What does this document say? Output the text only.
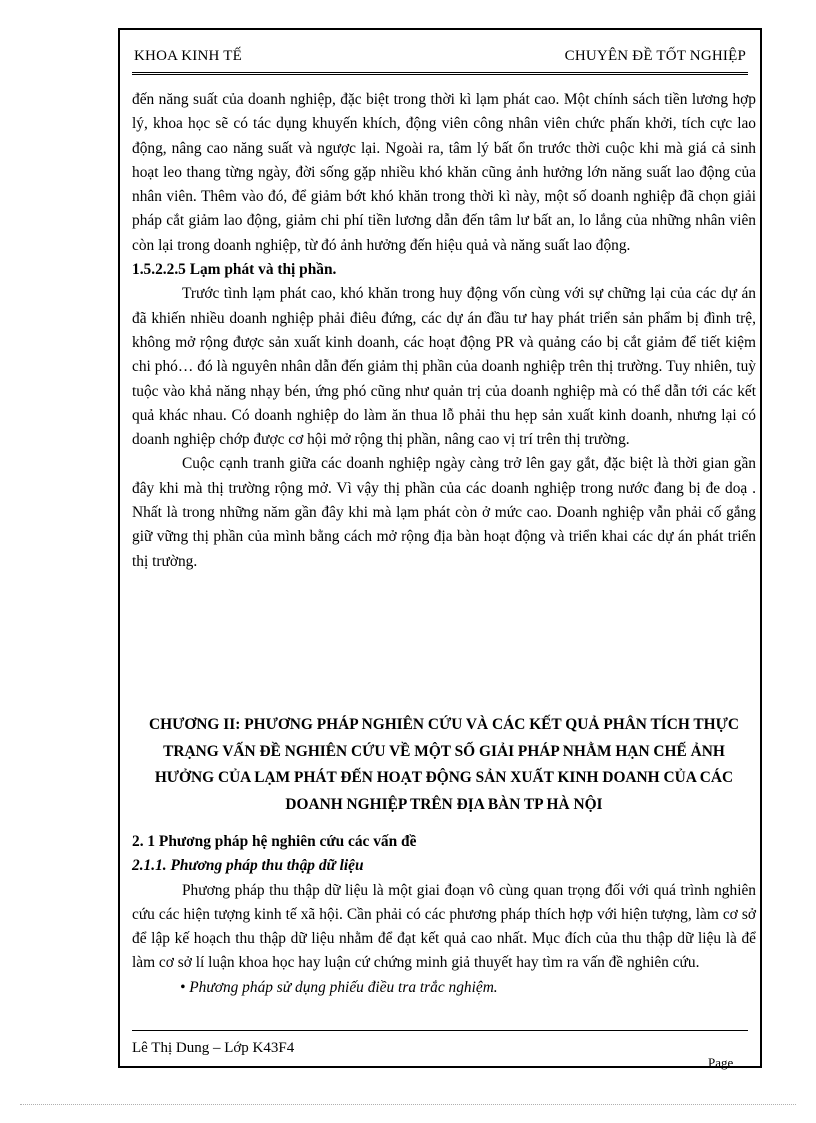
KHOA KINH TẾ	CHUYÊN ĐỀ TỐT NGHIỆP

đến năng suất của doanh nghiệp, đặc biệt trong thời kì lạm phát cao. Một chính sách tiền lương hợp lý, khoa học sẽ có tác dụng khuyến khích, động viên công nhân viên chức phấn khởi, tích cực lao động, nâng cao năng suất và ngược lại. Ngoài ra, tâm lý bất ổn trước thời cuộc khi mà giá cả sinh hoạt leo thang từng ngày, đời sống gặp nhiều khó khăn cũng ảnh hưởng lớn năng suất lao động của nhân viên. Thêm vào đó, để giảm bớt khó khăn trong thời kì này, một số doanh nghiệp đã chọn giải pháp cắt giảm lao động, giảm chi phí tiền lương dẫn đến tâm lư bất an, lo lắng của những nhân viên còn lại trong doanh nghiệp, từ đó ảnh hưởng đến hiệu quả và năng suất lao động.

1.5.2.2.5 Lạm phát và thị phần.

Trước tình lạm phát cao, khó khăn trong huy động vốn cùng với sự chững lại của các dự án đã khiến nhiều doanh nghiệp phải điêu đứng, các dự án đầu tư hay phát triển sản phẩm bị đình trệ, không mở rộng được sản xuất kinh doanh, các hoạt động PR và quảng cáo bị cắt giảm để tiết kiệm chi phó… đó là nguyên nhân dẫn đến giảm thị phần của doanh nghiệp trên thị trường. Tuy nhiên, tuỳ tuộc vào khả năng nhạy bén, ứng phó cũng như quản trị của doanh nghiệp mà có thể dẫn tới các kết quả khác nhau. Có doanh nghiệp do làm ăn thua lỗ phải thu hẹp sản xuất kinh doanh, nhưng lại có doanh nghiệp chớp được cơ hội mở rộng thị phần, nâng cao vị trí trên thị trường.

Cuộc cạnh tranh giữa các doanh nghiệp ngày càng trở lên gay gắt, đặc biệt là thời gian gần đây khi mà thị trường rộng mở. Vì vậy thị phần của các doanh nghiệp trong nước đang bị đe doạ . Nhất là trong những năm gần đây khi mà lạm phát còn ở mức cao. Doanh nghiệp vẫn phải cố gắng giữ vững thị phần của mình bằng cách mở rộng địa bàn hoạt động và triển khai các dự án phát triển thị trường.

CHƯƠNG II: PHƯƠNG PHÁP NGHIÊN CỨU VÀ CÁC KẾT QUẢ PHÂN TÍCH THỰC TRẠNG VẤN ĐỀ NGHIÊN CỨU VỀ MỘT SỐ GIẢI PHÁP NHẰM HẠN CHẾ ẢNH HƯỞNG CỦA LẠM PHÁT ĐẾN HOẠT ĐỘNG SẢN XUẤT KINH DOANH CỦA CÁC DOANH NGHIỆP TRÊN ĐỊA BÀN TP HÀ NỘI

2. 1 Phương pháp hệ nghiên cứu các vấn đề

2.1.1. Phương pháp thu thập dữ liệu

Phương pháp thu thập dữ liệu là một giai đoạn vô cùng quan trọng đối với quá trình nghiên cứu các hiện tượng kinh tế xã hội. Cần phải có các phương pháp thích hợp với hiện tượng, làm cơ sở để lập kế hoạch thu thập dữ liệu nhằm để đạt kết quả cao nhất. Mục đích của thu thập dữ liệu là để làm cơ sở lí luận khoa học hay luận cứ chứng minh giả thuyết hay tìm ra vấn đề nghiên cứu.

• Phương pháp sử dụng phiếu điều tra trắc nghiệm.

Lê Thị Dung – Lớp K43F4
Page
